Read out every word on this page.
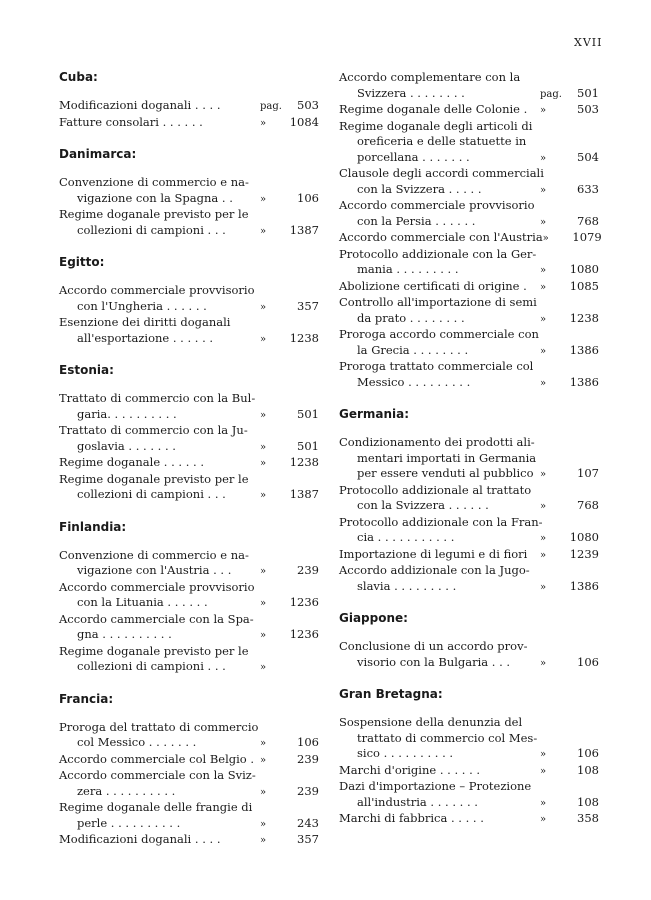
XVII
Cuba:
Modificazioni doganali . . . .	pag.	503
Fatture consolari . . . . . .	»	1084
Danimarca:
Convenzione di commercio e na-
vigazione con la Spagna . .	»	106
Regime doganale previsto per le
collezioni di campioni . . .	»	1387
Egitto:
Accordo commerciale provvisorio
con l'Ungheria . . . . . .	»	357
Esenzione dei diritti doganali
all'esportazione . . . . . .	»	1238
Estonia:
Trattato di commercio con la Bul-
garia. . . . . . . . . .	»	501
Trattato di commercio con la Ju-
goslavia . . . . . . .	»	501
Regime doganale . . . . . .	»	1238
Regime doganale previsto per le
collezioni di campioni . . .	»	1387
Finlandia:
Convenzione di commercio e na-
vigazione con l'Austria . . .	»	239
Accordo commerciale provvisorio
con la Lituania . . . . . .	»	1236
Accordo cammerciale con la Spa-
gna . . . . . . . . . .	»	1236
Regime doganale previsto per le
collezioni di campioni . . .	»
Francia:
Proroga del trattato di commercio
col Messico . . . . . . .	»	106
Accordo commerciale col Belgio . »	239
Accordo commerciale con la Sviz-
zera . . . . . . . . . .	»	239
Regime doganale delle frangie di
perle . . . . . . . . . .	»	243
Modificazioni doganali . . . .	»	357
Accordo complementare con la
Svizzera . . . . . . . .	pag.	501
Regime doganale delle Colonie . »	503
Regime doganale degli articoli di
oreficeria e delle statuette in
porcellana . . . . . . .	»	504
Clausole degli accordi commerciali
con la Svizzera . . . . .	»	633
Accordo commerciale provvisorio
con la Persia . . . . . .	»	768
Accordo commerciale con l'Austria »	1079
Protocollo addizionale con la Ger-
mania . . . . . . . . .	»	1080
Abolizione certificati di origine . »	1085
Controllo all'importazione di semi
da prato . . . . . . . .	»	1238
Proroga accordo commerciale con
la Grecia . . . . . . . .	»	1386
Proroga trattato commerciale col
Messico . . . . . . . . .	»	1386
Germania:
Condizionamento dei prodotti ali-
mentari importati in Germania
per essere venduti al pubblico »	107
Protocollo addizionale al trattato
con la Svizzera . . . . . .	»	768
Protocollo addizionale con la Fran-
cia . . . . . . . . . . .	»	1080
Importazione di legumi e di fiori »	1239
Accordo addizionale con la Jugo-
slavia . . . . . . . . .	»	1386
Giappone:
Conclusione di un accordo prov-
visorio con la Bulgaria . . .	»	106
Gran Bretagna:
Sospensione della denunzia del
trattato di commercio col Mes-
sico . . . . . . . . . .	»	106
Marchi d'origine . . . . . .	»	108
Dazi d'importazione – Protezione
all'industria . . . . . . .	»	108
Marchi di fabbrica . . . . .	»	358
